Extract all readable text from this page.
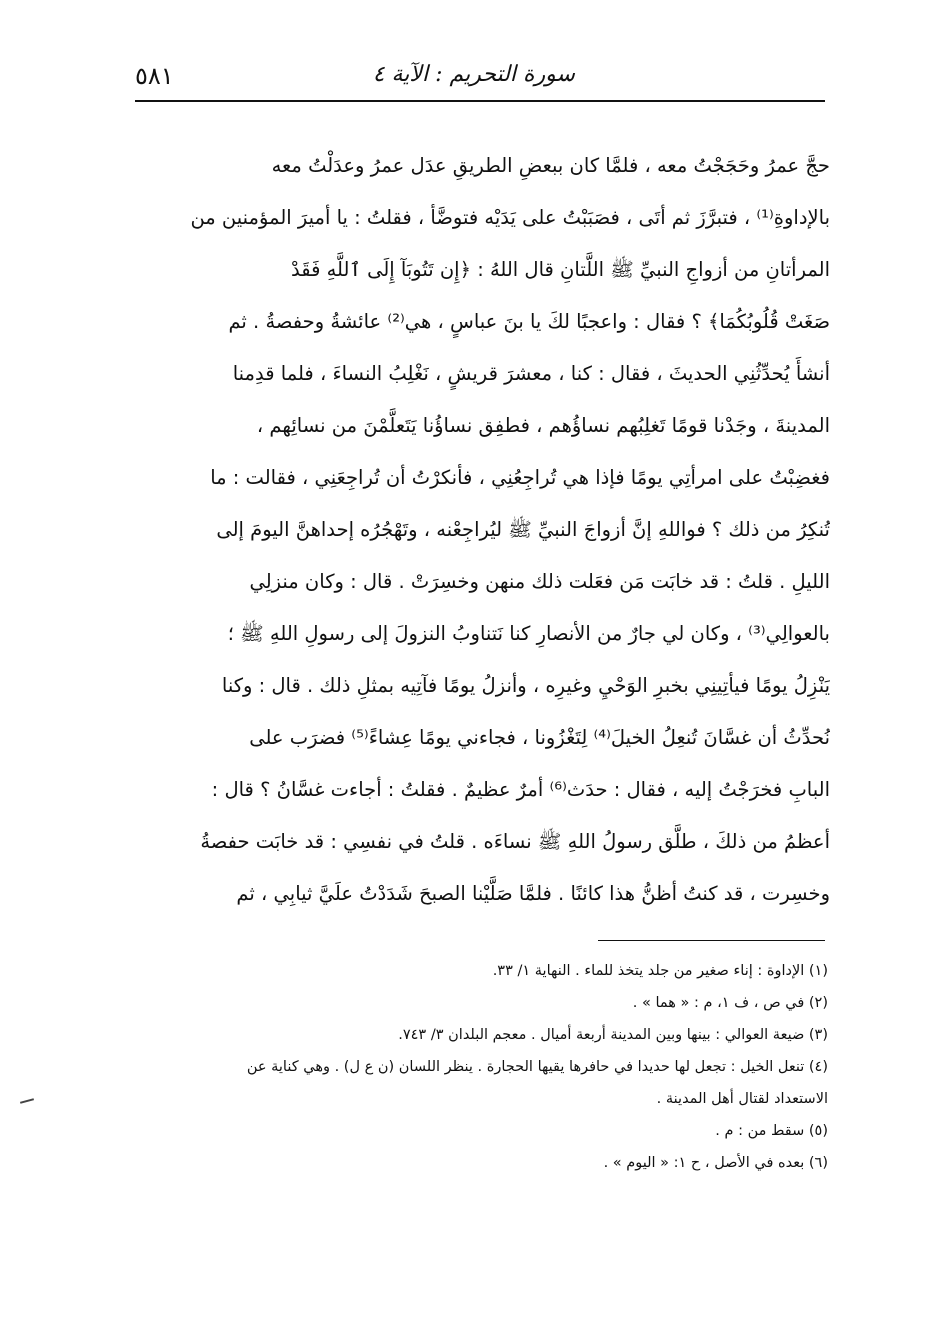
سورة التحريم : الآية ٤
٥٨١
حجَّ عمرُ وحَجَجْتُ معه ، فلمَّا كان ببعضِ الطريقِ عدَل عمرُ وعدَلْتُ معه
بالإداوةِ⁽¹⁾ ، فتبرَّزَ ثم أتَى ، فصَبَبْتُ على يَدَيْه فتوضَّأ ، فقلتُ : يا أميرَ المؤمنين من
المرأتانِ من أزواجِ النبيِّ ﷺ اللَّتانِ قال اللهُ : ﴿إِن تَتُوبَآ إِلَى ٱللَّهِ فَقَدْ
صَغَتْ قُلُوبُكُمَا﴾ ؟ فقال : واعجبًا لكَ يا بنَ عباسٍ ، هي⁽²⁾ عائشةُ وحفصةُ . ثم
أنشأَ يُحدِّثُنِي الحديثَ ، فقال : كنا ، معشرَ قريشٍ ، نَغْلِبُ النساءَ ، فلما قدِمنا
المدينةَ ، وجَدْنا قومًا تَغلِبُهم نساؤُهم ، فطفِق نساؤُنا يَتَعلَّمْنَ من نسائِهم ،
فغضِبْتُ على امرأتِي يومًا فإذا هي تُراجِعُنِي ، فأنكرْتُ أن تُراجِعَنِي ، فقالت : ما
تُنكِرُ من ذلك ؟ فواللهِ إنَّ أزواجَ النبيِّ ﷺ ليُراجِعْنه ، وتَهْجُرُه إحداهنَّ اليومَ إلى
الليلِ . قلتُ : قد خابَت مَن فعَلت ذلك منهن وخسِرَتْ . قال : وكان منزلِي
بالعوالِي⁽³⁾ ، وكان لي جارٌ من الأنصارِ كنا نَتناوبُ النزولَ إلى رسولِ اللهِ ﷺ ؛
يَنْزِلُ يومًا فيأتِينِي بخبرِ الوَحْيِ وغيرِه ، وأنزلُ يومًا فآتِيه بمثلِ ذلك . قال : وكنا
نُحدِّثُ أن غسَّانَ تُنعِلُ الخيلَ⁽⁴⁾ لِتَغْزُونا ، فجاءني يومًا عِشاءً⁽⁵⁾ فضرَب على
البابِ فخرَجْتُ إليه ، فقال : حدَث⁽⁶⁾ أمرٌ عظيمٌ . فقلتُ : أجاءت غسَّانُ ؟ قال :
أعظمُ من ذلكَ ، طلَّق رسولُ اللهِ ﷺ نساءَه . قلتُ في نفسِي : قد خابَت حفصةُ
وخسِرت ، قد كنتُ أظنُّ هذا كائنًا . فلمَّا صَلَّيْنا الصبحَ شَدَدْتُ علَيَّ ثيابِي ، ثم
(١) الإداوة : إناء صغير من جلد يتخذ للماء . النهاية ١/ ٣٣.
(٢) في ص ، ف ١، م : « هما » .
(٣) ضيعة العوالي : بينها وبين المدينة أربعة أميال . معجم البلدان ٣/ ٧٤٣.
(٤) تنعل الخيل : تجعل لها حديدا في حافرها يقيها الحجارة . ينظر اللسان (ن ع ل) . وهي كناية عن
الاستعداد لقتال أهل المدينة .
(٥) سقط من : م .
(٦) بعده في الأصل ، ح ١: « اليوم » .
